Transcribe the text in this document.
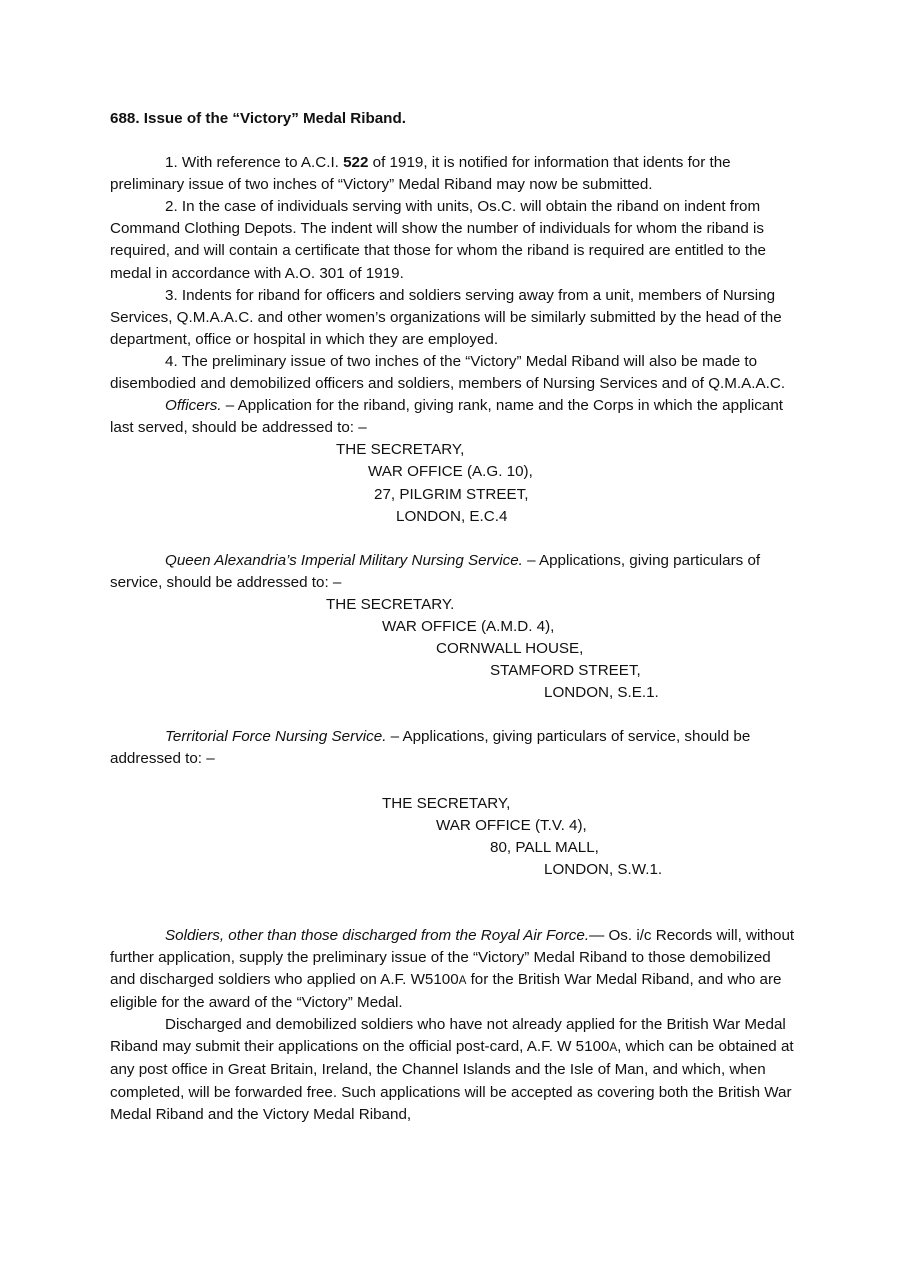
688. Issue of the “Victory” Medal Riband.

1. With reference to A.C.I. 522 of 1919, it is notified for information that idents for the preliminary issue of two inches of “Victory” Medal Riband may now be submitted.

2. In the case of individuals serving with units, Os.C. will obtain the riband on indent from Command Clothing Depots. The indent will show the number of individuals for whom the riband is required, and will contain a certificate that those for whom the riband is required are entitled to the medal in accordance with A.O. 301 of 1919.

3. Indents for riband for officers and soldiers serving away from a unit, members of Nursing Services, Q.M.A.A.C. and other women’s organizations will be similarly submitted by the head of the department, office or hospital in which they are employed.

4. The preliminary issue of two inches of the “Victory” Medal Riband will also be made to disembodied and demobilized officers and soldiers, members of Nursing Services and of Q.M.A.A.C.

Officers. – Application for the riband, giving rank, name and the Corps in which the applicant last served, should be addressed to: –

THE SECRETARY,
WAR OFFICE (A.G. 10),
27, PILGRIM STREET,
LONDON, E.C.4

Queen Alexandria’s Imperial Military Nursing Service. – Applications, giving particulars of service, should be addressed to: –

THE SECRETARY.
WAR OFFICE (A.M.D. 4),
CORNWALL HOUSE,
STAMFORD STREET,
LONDON, S.E.1.

Territorial Force Nursing Service. – Applications, giving particulars of service, should be addressed to: –

THE SECRETARY,
WAR OFFICE (T.V. 4),
80, PALL MALL,
LONDON, S.W.1.

Soldiers, other than those discharged from the Royal Air Force.— Os. i/c Records will, without further application, supply the preliminary issue of the “Victory” Medal Riband to those demobilized and discharged soldiers who applied on A.F. W5100A for the British War Medal Riband, and who are eligible for the award of the “Victory” Medal.

Discharged and demobilized soldiers who have not already applied for the British War Medal Riband may submit their applications on the official post-card, A.F. W 5100A, which can be obtained at any post office in Great Britain, Ireland, the Channel Islands and the Isle of Man, and which, when completed, will be forwarded free. Such applications will be accepted as covering both the British War Medal Riband and the Victory Medal Riband,
